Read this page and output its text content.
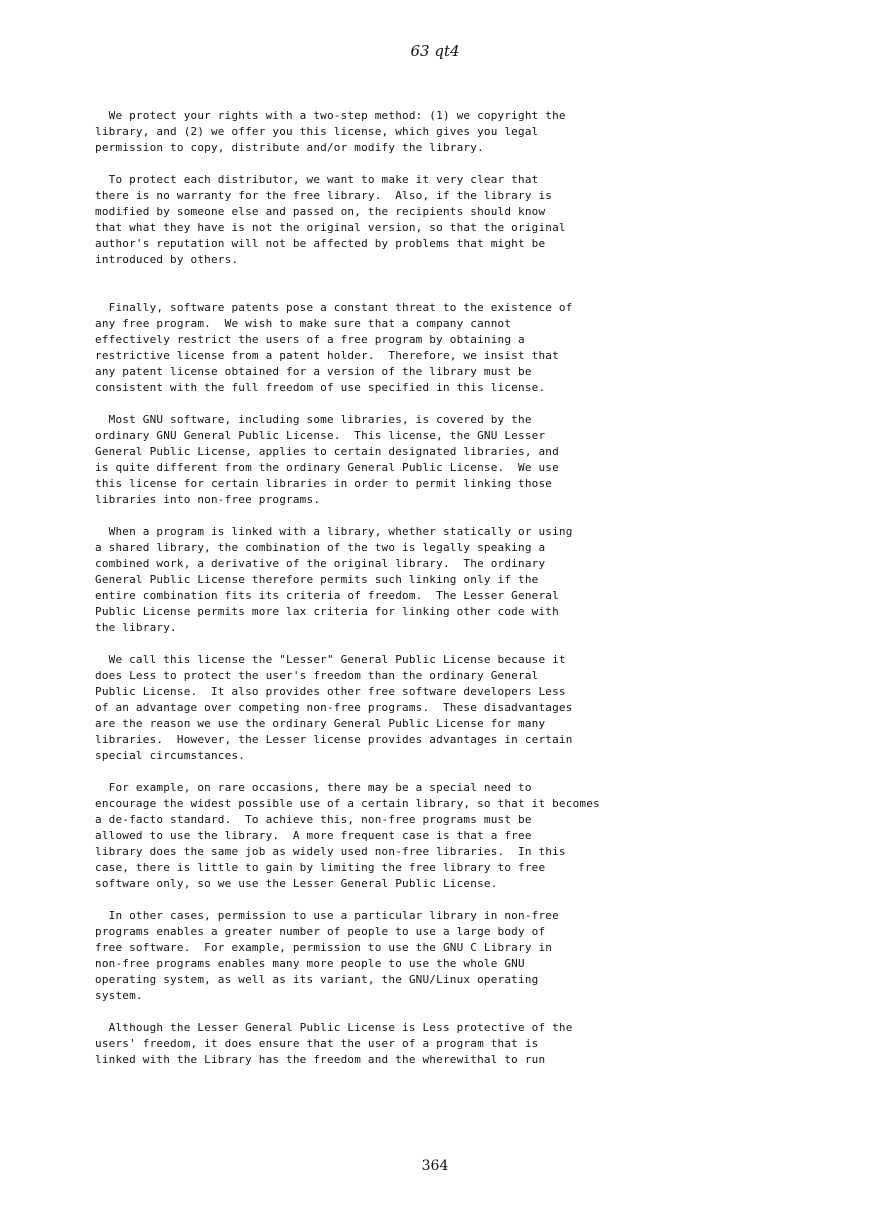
63 qt4

We protect your rights with a two-step method: (1) we copyright the
library, and (2) we offer you this license, which gives you legal
permission to copy, distribute and/or modify the library.

To protect each distributor, we want to make it very clear that
there is no warranty for the free library.  Also, if the library is
modified by someone else and passed on, the recipients should know
that what they have is not the original version, so that the original
author's reputation will not be affected by problems that might be
introduced by others.

Finally, software patents pose a constant threat to the existence of
any free program.  We wish to make sure that a company cannot
effectively restrict the users of a free program by obtaining a
restrictive license from a patent holder.  Therefore, we insist that
any patent license obtained for a version of the library must be
consistent with the full freedom of use specified in this license.

Most GNU software, including some libraries, is covered by the
ordinary GNU General Public License.  This license, the GNU Lesser
General Public License, applies to certain designated libraries, and
is quite different from the ordinary General Public License.  We use
this license for certain libraries in order to permit linking those
libraries into non-free programs.

When a program is linked with a library, whether statically or using
a shared library, the combination of the two is legally speaking a
combined work, a derivative of the original library.  The ordinary
General Public License therefore permits such linking only if the
entire combination fits its criteria of freedom.  The Lesser General
Public License permits more lax criteria for linking other code with
the library.

We call this license the "Lesser" General Public License because it
does Less to protect the user's freedom than the ordinary General
Public License.  It also provides other free software developers Less
of an advantage over competing non-free programs.  These disadvantages
are the reason we use the ordinary General Public License for many
libraries.  However, the Lesser license provides advantages in certain
special circumstances.

For example, on rare occasions, there may be a special need to
encourage the widest possible use of a certain library, so that it becomes
a de-facto standard.  To achieve this, non-free programs must be
allowed to use the library.  A more frequent case is that a free
library does the same job as widely used non-free libraries.  In this
case, there is little to gain by limiting the free library to free
software only, so we use the Lesser General Public License.

In other cases, permission to use a particular library in non-free
programs enables a greater number of people to use a large body of
free software.  For example, permission to use the GNU C Library in
non-free programs enables many more people to use the whole GNU
operating system, as well as its variant, the GNU/Linux operating
system.

Although the Lesser General Public License is Less protective of the
users' freedom, it does ensure that the user of a program that is
linked with the Library has the freedom and the wherewithal to run

364
